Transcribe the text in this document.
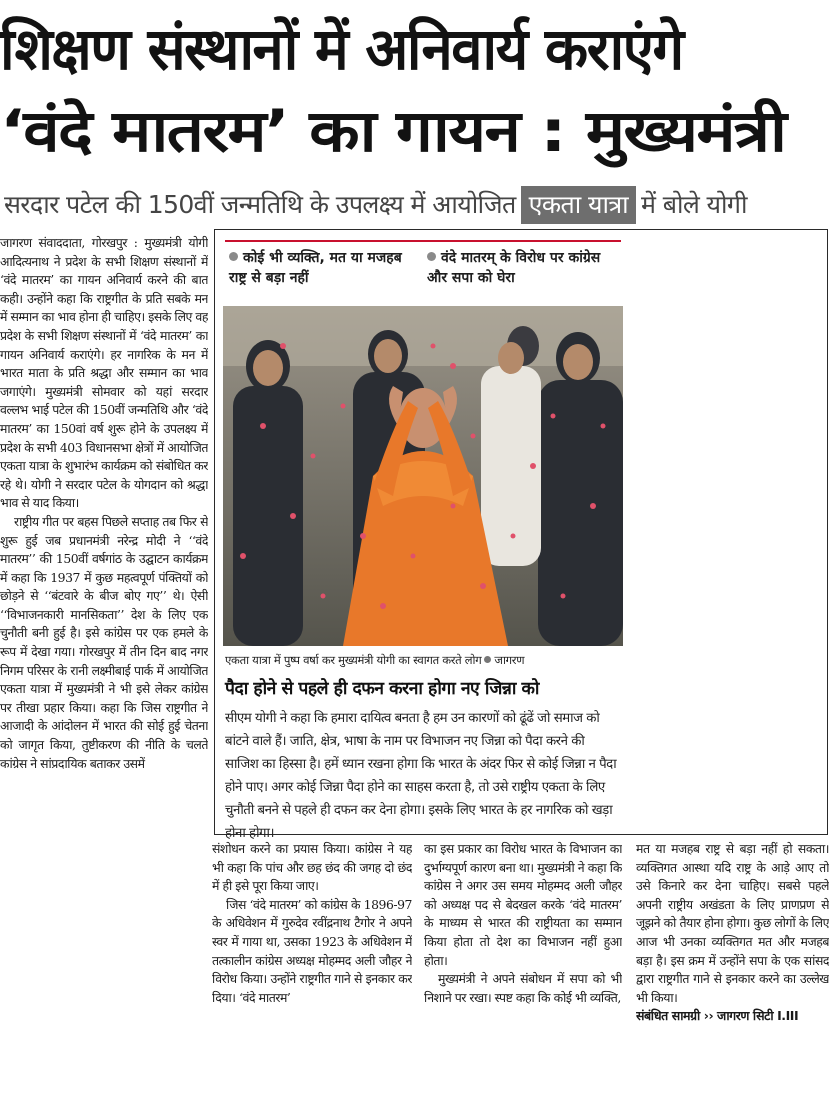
शिक्षण संस्थानों में अनिवार्य कराएंगे
‘वंदे मातरम’ का गायन : मुख्यमंत्री
सरदार पटेल की 150वीं जन्मतिथि के उपलक्ष्य में आयोजित एकता यात्रा में बोले योगी

जागरण संवाददाता, गोरखपुर : मुख्यमंत्री योगी आदित्यनाथ ने प्रदेश के सभी शिक्षण संस्थानों में ‘वंदे मातरम’ का गायन अनिवार्य करने की बात कही। उन्होंने कहा कि राष्ट्रगीत के प्रति सबके मन में सम्मान का भाव होना ही चाहिए। इसके लिए वह प्रदेश के सभी शिक्षण संस्थानों में ‘वंदे मातरम’ का गायन अनिवार्य कराएंगे। हर नागरिक के मन में भारत माता के प्रति श्रद्धा और सम्मान का भाव जगाएंगे। मुख्यमंत्री सोमवार को यहां सरदार वल्लभ भाई पटेल की 150वीं जन्मतिथि और ‘वंदे मातरम’ का 150वां वर्ष शुरू होने के उपलक्ष्य में प्रदेश के सभी 403 विधानसभा क्षेत्रों में आयोजित एकता यात्रा के शुभारंभ कार्यक्रम को संबोधित कर रहे थे। योगी ने सरदार पटेल के योगदान को श्रद्धा भाव से याद किया।

राष्ट्रीय गीत पर बहस पिछले सप्ताह तब फिर से शुरू हुई जब प्रधानमंत्री नरेन्द्र मोदी ने ‘‘वंदे मातरम’’ की 150वीं वर्षगांठ के उद्घाटन कार्यक्रम में कहा कि 1937 में कुछ महत्वपूर्ण पंक्तियों को छोड़ने से ‘‘बंटवारे के बीज बोए गए’’ थे। ऐसी ‘‘विभाजनकारी मानसिकता’’ देश के लिए एक चुनौती बनी हुई है। इसे कांग्रेस पर एक हमले के रूप में देखा गया। गोरखपुर में तीन दिन बाद नगर निगम परिसर के रानी लक्ष्मीबाई पार्क में आयोजित एकता यात्रा में मुख्यमंत्री ने भी इसे लेकर कांग्रेस पर तीखा प्रहार किया। कहा कि जिस राष्ट्रगीत ने आजादी के आंदोलन में भारत की सोई हुई चेतना को जागृत किया, तुष्टीकरण की नीति के चलते कांग्रेस ने सांप्रदायिक बताकर उसमें

कोई भी व्यक्ति, मत या मजहब राष्ट्र से बड़ा नहीं
वंदे मातरम् के विरोध पर कांग्रेस और सपा को घेरा
एकता यात्रा में पुष्प वर्षा कर मुख्यमंत्री योगी का स्वागत करते लोग जागरण
पैदा होने से पहले ही दफन करना होगा नए जिन्ना को
सीएम योगी ने कहा कि हमारा दायित्व बनता है हम उन कारणों को ढूंढें जो समाज को बांटने वाले हैं। जाति, क्षेत्र, भाषा के नाम पर विभाजन नए जिन्ना को पैदा करने की साजिश का हिस्सा है। हमें ध्यान रखना होगा कि भारत के अंदर फिर से कोई जिन्ना न पैदा होने पाए। अगर कोई जिन्ना पैदा होने का साहस करता है, तो उसे राष्ट्रीय एकता के लिए चुनौती बनने से पहले ही दफन कर देना होगा। इसके लिए भारत के हर नागरिक को खड़ा होना होगा।

संशोधन करने का प्रयास किया। कांग्रेस ने यह भी कहा कि पांच और छह छंद की जगह दो छंद में ही इसे पूरा किया जाए।

जिस ‘वंदे मातरम’ को कांग्रेस के 1896-97 के अधिवेशन में गुरुदेव रवींद्रनाथ टैगोर ने अपने स्वर में गाया था, उसका 1923 के अधिवेशन में तत्कालीन कांग्रेस अध्यक्ष मोहम्मद अली जौहर ने विरोध किया। उन्होंने राष्ट्रगीत गाने से इनकार कर दिया। ‘वंदे मातरम’

का इस प्रकार का विरोध भारत के विभाजन का दुर्भाग्यपूर्ण कारण बना था। मुख्यमंत्री ने कहा कि कांग्रेस ने अगर उस समय मोहम्मद अली जौहर को अध्यक्ष पद से बेदखल करके ‘वंदे मातरम’ के माध्यम से भारत की राष्ट्रीयता का सम्मान किया होता तो देश का विभाजन नहीं हुआ होता।

मुख्यमंत्री ने अपने संबोधन में सपा को भी निशाने पर रखा। स्पष्ट कहा कि कोई भी व्यक्ति,

मत या मजहब राष्ट्र से बड़ा नहीं हो सकता। व्यक्तिगत आस्था यदि राष्ट्र के आड़े आए तो उसे किनारे कर देना चाहिए। सबसे पहले अपनी राष्ट्रीय अखंडता के लिए प्राणप्रण से जूझने को तैयार होना होगा। कुछ लोगों के लिए आज भी उनका व्यक्तिगत मत और मजहब बड़ा है। इस क्रम में उन्होंने सपा के एक सांसद द्वारा राष्ट्रगीत गाने से इनकार करने का उल्लेख भी किया।

संबंधित सामग्री ›› जागरण सिटी I.III
